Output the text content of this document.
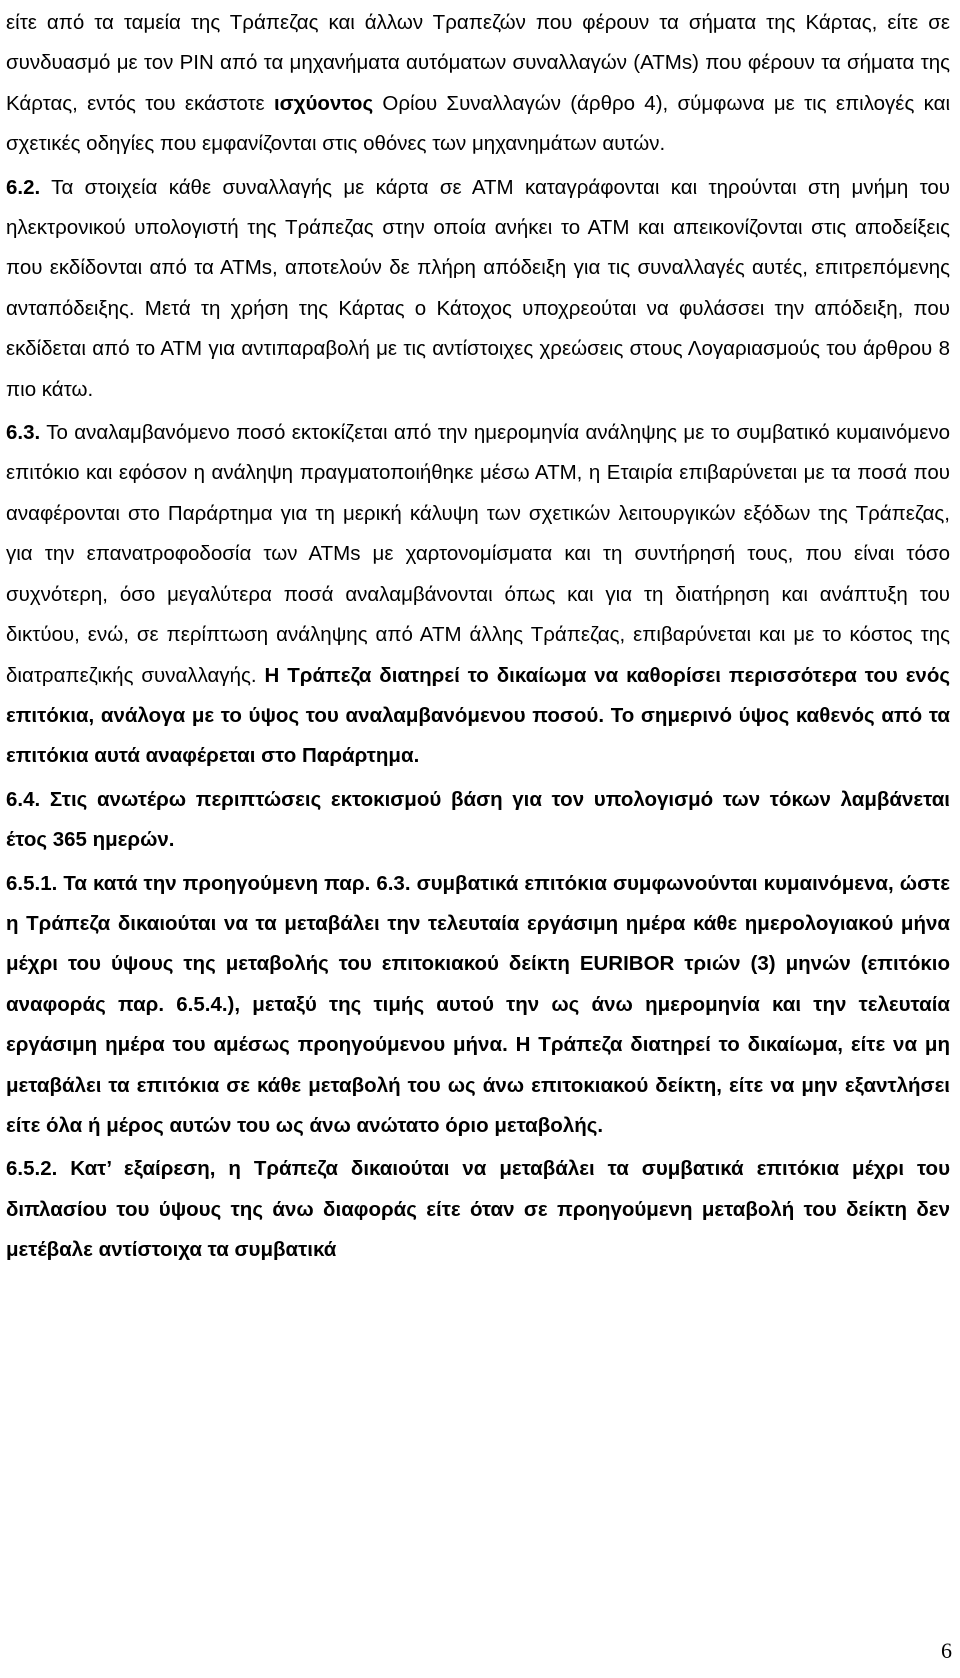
είτε από τα ταμεία της Τράπεζας και άλλων Τραπεζών που φέρουν τα σήματα της Κάρτας, είτε σε συνδυασμό με τον PIN από τα μηχανήματα αυτόματων συναλλαγών (ATMs) που φέρουν τα σήματα της Κάρτας, εντός του εκάστοτε ισχύοντος Ορίου Συναλλαγών (άρθρο 4), σύμφωνα με τις επιλογές και σχετικές οδηγίες που εμφανίζονται στις οθόνες των μηχανημάτων αυτών.

6.2. Τα στοιχεία κάθε συναλλαγής με κάρτα σε ΑΤΜ καταγράφονται και τηρούνται στη μνήμη του ηλεκτρονικού υπολογιστή της Τράπεζας στην οποία ανήκει το ΑΤΜ και απεικονίζονται στις αποδείξεις που εκδίδονται από τα ΑΤΜs, αποτελούν δε πλήρη απόδειξη για τις συναλλαγές αυτές, επιτρεπόμενης ανταπόδειξης. Μετά τη χρήση της Κάρτας ο Κάτοχος υποχρεούται να φυλάσσει την απόδειξη, που εκδίδεται από το ΑΤΜ για αντιπαραβολή με τις αντίστοιχες χρεώσεις στους Λογαριασμούς του άρθρου 8 πιο κάτω.

6.3. Το αναλαμβανόμενο ποσό εκτοκίζεται από την ημερομηνία ανάληψης με το συμβατικό κυμαινόμενο επιτόκιο και εφόσον η ανάληψη πραγματοποιήθηκε μέσω ΑΤΜ, η Εταιρία επιβαρύνεται με τα ποσά που αναφέρονται στο Παράρτημα για τη μερική κάλυψη των σχετικών λειτουργικών εξόδων της Τράπεζας, για την επανατροφοδοσία των ΑΤΜs με χαρτονομίσματα και τη συντήρησή τους, που είναι τόσο συχνότερη, όσο μεγαλύτερα ποσά αναλαμβάνονται όπως και για τη διατήρηση και ανάπτυξη του δικτύου, ενώ, σε περίπτωση ανάληψης από ΑΤΜ άλλης Τράπεζας, επιβαρύνεται και με το κόστος της διατραπεζικής συναλλαγής. Η Τράπεζα διατηρεί το δικαίωμα να καθορίσει περισσότερα του ενός επιτόκια, ανάλογα με το ύψος του αναλαμβανόμενου ποσού. Το σημερινό ύψος καθενός από τα επιτόκια αυτά αναφέρεται στο Παράρτημα.

6.4. Στις ανωτέρω περιπτώσεις εκτοκισμού βάση για τον υπολογισμό των τόκων λαμβάνεται έτος 365 ημερών.

6.5.1. Τα κατά την προηγούμενη παρ. 6.3. συμβατικά επιτόκια συμφωνούνται κυμαινόμενα, ώστε η Τράπεζα δικαιούται να τα μεταβάλει την τελευταία εργάσιμη ημέρα κάθε ημερολογιακού μήνα μέχρι του ύψους της μεταβολής του επιτοκιακού δείκτη EURIBOR τριών (3) μηνών (επιτόκιο αναφοράς παρ. 6.5.4.), μεταξύ της τιμής αυτού την ως άνω ημερομηνία και την τελευταία εργάσιμη ημέρα του αμέσως προηγούμενου μήνα. Η Τράπεζα διατηρεί το δικαίωμα, είτε να μη μεταβάλει τα επιτόκια σε κάθε μεταβολή του ως άνω επιτοκιακού δείκτη, είτε να μην εξαντλήσει είτε όλα ή μέρος αυτών του ως άνω ανώτατο όριο μεταβολής.

6.5.2. Κατ’ εξαίρεση, η Τράπεζα δικαιούται να μεταβάλει τα συμβατικά επιτόκια μέχρι του διπλασίου του ύψους της άνω διαφοράς είτε όταν σε προηγούμενη μεταβολή του δείκτη δεν μετέβαλε αντίστοιχα τα συμβατικά

6
